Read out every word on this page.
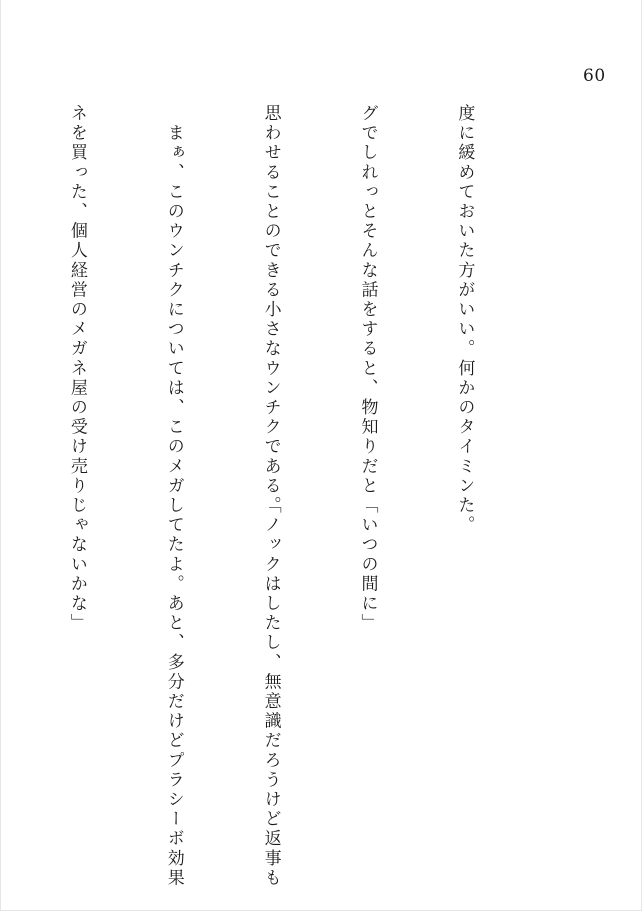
60

度に緩めておいた方がいい。何かのタイミン

グでしれっとそんな話をすると、物知りだと

思わせることのできる小さなウンチクである。

　まぁ、このウンチクについては、このメガ

ネを買った、個人経営のメガネ屋の受け売り

た。

「いつの間に」

「ノックはしたし、無意識だろうけど返事も

してたよ。あと、多分だけどプラシーボ効果

じゃないかな」
